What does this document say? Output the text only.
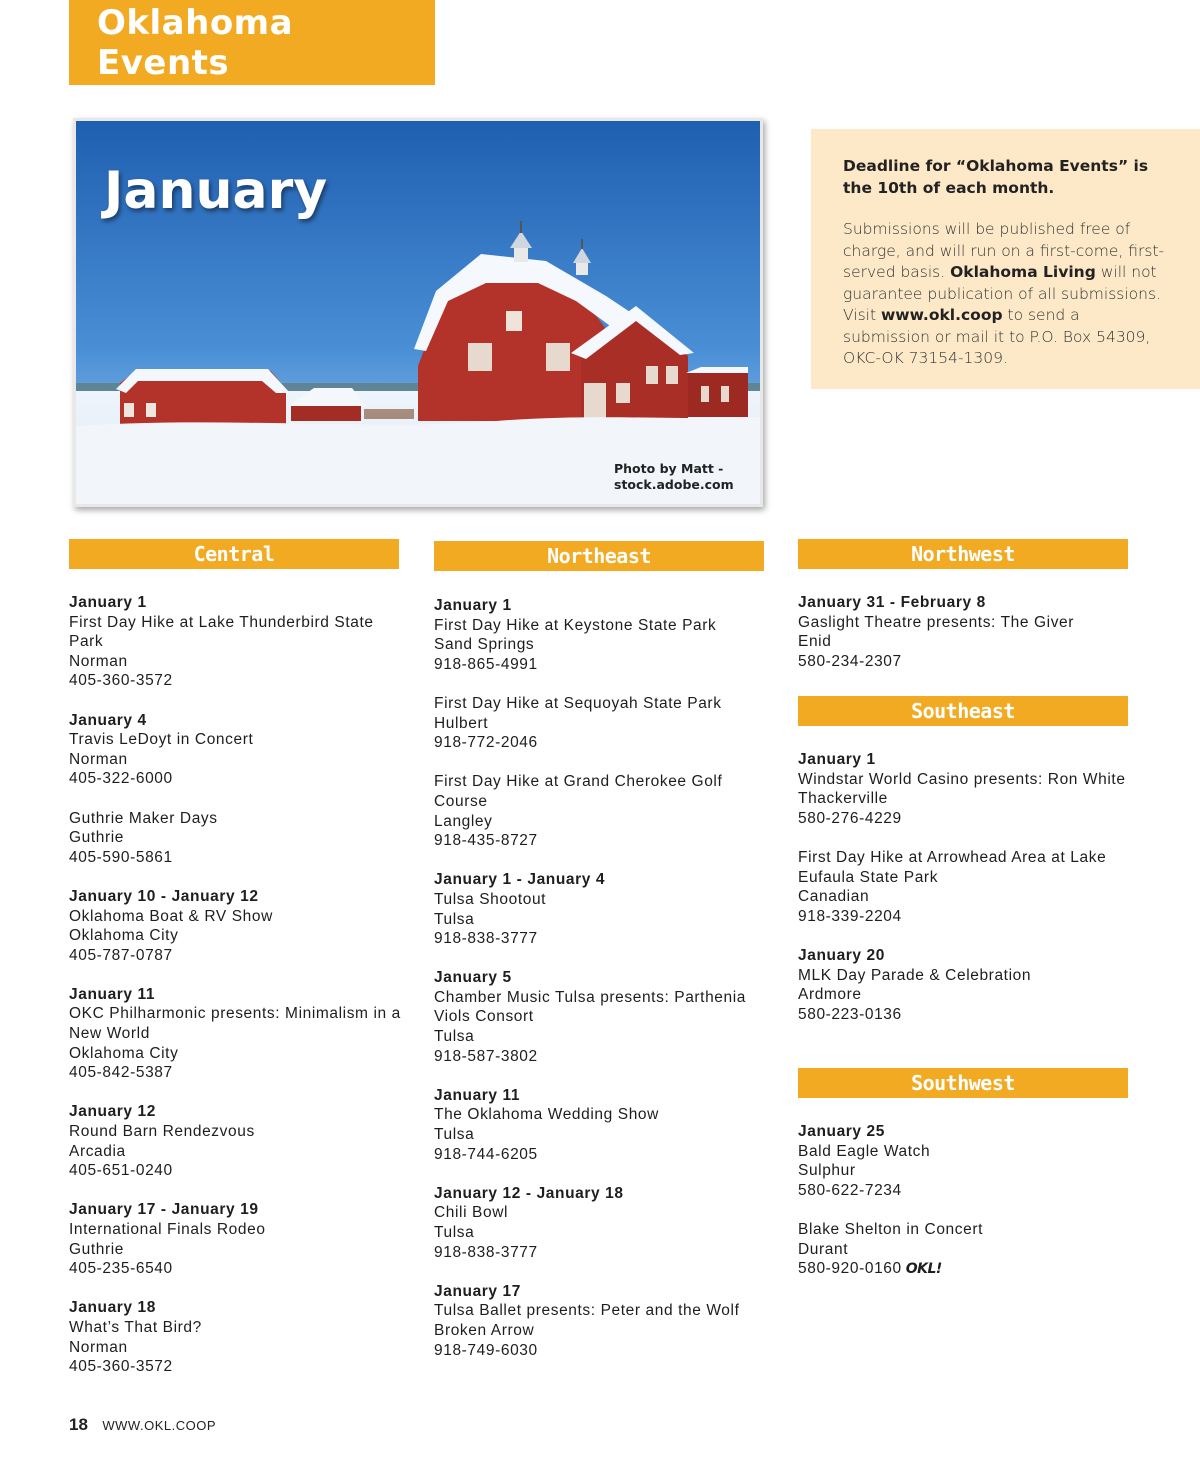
Oklahoma Events
January
Photo by Matt -
stock.adobe.com
Deadline for “Oklahoma Events” is the 10th of each month.
Submissions will be published free of charge, and will run on a first-come, first-served basis. Oklahoma Living will not guarantee publication of all submissions. Visit www.okl.coop to send a submission or mail it to P.O. Box 54309, OKC-OK 73154-1309.
Central	Northeast	Northwest
Southeast
Southwest
January 1
First Day Hike at Lake Thunderbird State
Park
Norman
405-360-3572
January 4
Travis LeDoyt in Concert
Norman
405-322-6000
Guthrie Maker Days
Guthrie
405-590-5861
January 10 - January 12
Oklahoma Boat & RV Show
Oklahoma City
405-787-0787
January 11
OKC Philharmonic presents: Minimalism in a
New World
Oklahoma City
405-842-5387
January 12
Round Barn Rendezvous
Arcadia
405-651-0240
January 17 - January 19
International Finals Rodeo
Guthrie
405-235-6540
January 18
What’s That Bird?
Norman
405-360-3572
January 1
First Day Hike at Keystone State Park
Sand Springs
918-865-4991
First Day Hike at Sequoyah State Park
Hulbert
918-772-2046
First Day Hike at Grand Cherokee Golf Course
Langley
918-435-8727
January 1 - January 4
Tulsa Shootout
Tulsa
918-838-3777
January 5
Chamber Music Tulsa presents: Parthenia
Viols Consort
Tulsa
918-587-3802
January 11
The Oklahoma Wedding Show
Tulsa
918-744-6205
January 12 - January 18
Chili Bowl
Tulsa
918-838-3777
January 17
Tulsa Ballet presents: Peter and the Wolf
Broken Arrow
918-749-6030
January 31 - February 8
Gaslight Theatre presents: The Giver
Enid
580-234-2307
January 1
Windstar World Casino presents: Ron White
Thackerville
580-276-4229
First Day Hike at Arrowhead Area at Lake
Eufaula State Park
Canadian
918-339-2204
January 20
MLK Day Parade & Celebration
Ardmore
580-223-0136
January 25
Bald Eagle Watch
Sulphur
580-622-7234
Blake Shelton in Concert
Durant
580-920-0160 OKL!
18 WWW.OKL.COOP
